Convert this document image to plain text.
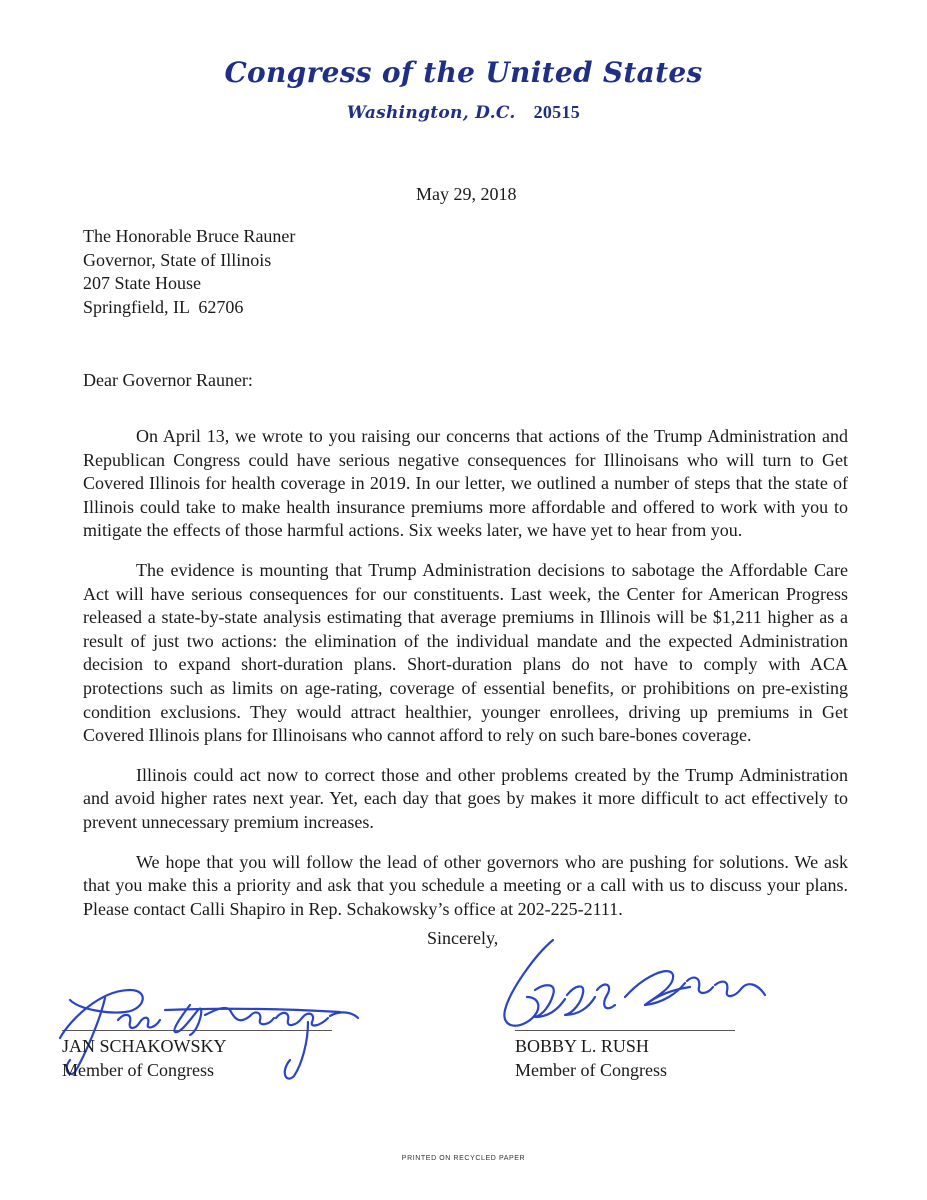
Congress of the United States
Washington, D.C. 20515
May 29, 2018
The Honorable Bruce Rauner
Governor, State of Illinois
207 State House
Springfield, IL  62706
Dear Governor Rauner:

On April 13, we wrote to you raising our concerns that actions of the Trump Administration and Republican Congress could have serious negative consequences for Illinoisans who will turn to Get Covered Illinois for health coverage in 2019. In our letter, we outlined a number of steps that the state of Illinois could take to make health insurance premiums more affordable and offered to work with you to mitigate the effects of those harmful actions. Six weeks later, we have yet to hear from you.

The evidence is mounting that Trump Administration decisions to sabotage the Affordable Care Act will have serious consequences for our constituents. Last week, the Center for American Progress released a state-by-state analysis estimating that average premiums in Illinois will be $1,211 higher as a result of just two actions: the elimination of the individual mandate and the expected Administration decision to expand short-duration plans. Short-duration plans do not have to comply with ACA protections such as limits on age-rating, coverage of essential benefits, or prohibitions on pre-existing condition exclusions. They would attract healthier, younger enrollees, driving up premiums in Get Covered Illinois plans for Illinoisans who cannot afford to rely on such bare-bones coverage.

Illinois could act now to correct those and other problems created by the Trump Administration and avoid higher rates next year. Yet, each day that goes by makes it more difficult to act effectively to prevent unnecessary premium increases.

We hope that you will follow the lead of other governors who are pushing for solutions. We ask that you make this a priority and ask that you schedule a meeting or a call with us to discuss your plans. Please contact Calli Shapiro in Rep. Schakowsky’s office at 202-225-2111.

Sincerely,
JAN SCHAKOWSKY
Member of Congress
BOBBY L. RUSH
Member of Congress
PRINTED ON RECYCLED PAPER
